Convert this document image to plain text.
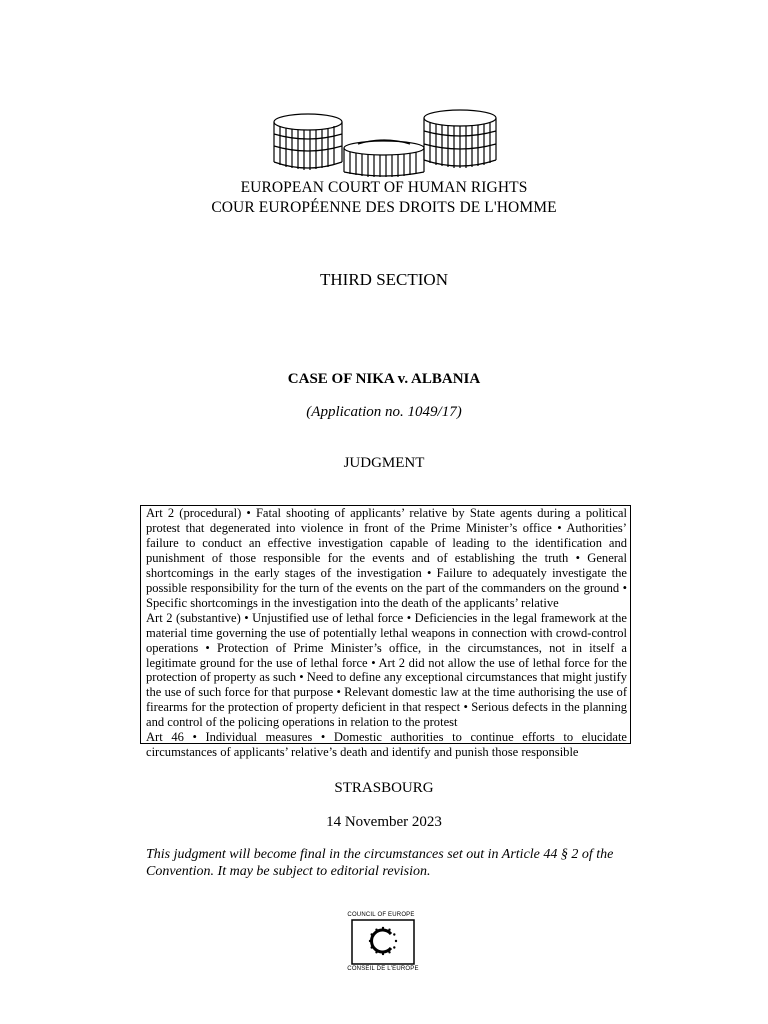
EUROPEAN COURT OF HUMAN RIGHTS
COUR EUROPÉENNE DES DROITS DE L'HOMME
THIRD SECTION
CASE OF NIKA v. ALBANIA
(Application no. 1049/17)
JUDGMENT

Art 2 (procedural) • Fatal shooting of applicants’ relative by State agents during a political protest that degenerated into violence in front of the Prime Minister’s office • Authorities’ failure to conduct an effective investigation capable of leading to the identification and punishment of those responsible for the events and of establishing the truth • General shortcomings in the early stages of the investigation • Failure to adequately investigate the possible responsibility for the turn of the events on the part of the commanders on the ground • Specific shortcomings in the investigation into the death of the applicants’ relative

Art 2 (substantive) • Unjustified use of lethal force • Deficiencies in the legal framework at the material time governing the use of potentially lethal weapons in connection with crowd-control operations • Protection of Prime Minister’s office, in the circumstances, not in itself a legitimate ground for the use of lethal force • Art 2 did not allow the use of lethal force for the protection of property as such • Need to define any exceptional circumstances that might justify the use of such force for that purpose • Relevant domestic law at the time authorising the use of firearms for the protection of property deficient in that respect • Serious defects in the planning and control of the policing operations in relation to the protest

Art 46 • Individual measures • Domestic authorities to continue efforts to elucidate circumstances of applicants’ relative’s death and identify and punish those responsible

STRASBOURG
14 November 2023
This judgment will become final in the circumstances set out in Article 44 § 2 of the Convention. It may be subject to editorial revision.
COUNCIL OF EUROPE
CONSEIL DE L'EUROPE
